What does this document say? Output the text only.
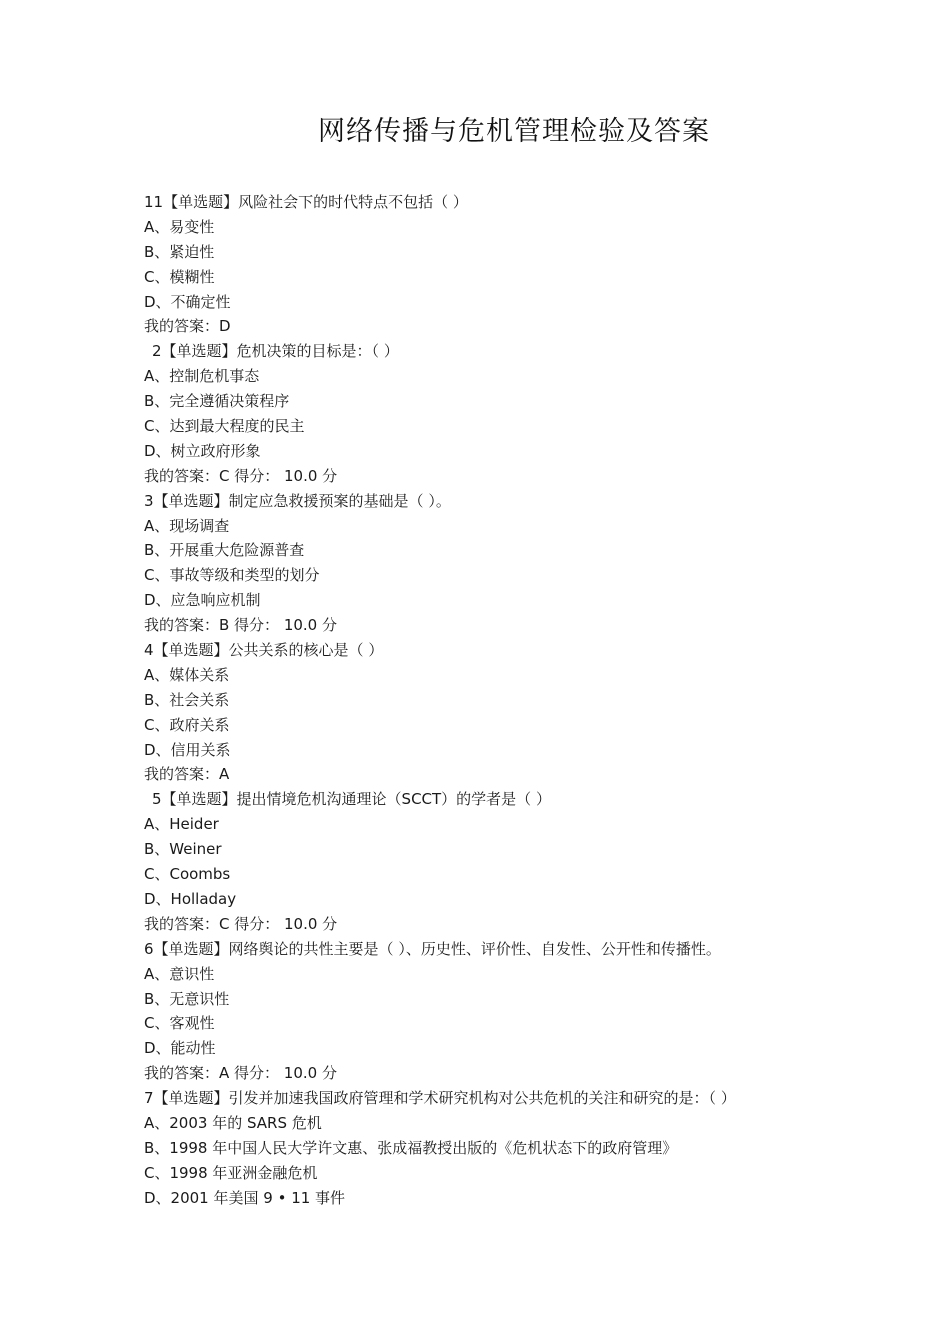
网络传播与危机管理检验及答案
11【单选题】风险社会下的时代特点不包括（ ）
A、易变性
B、紧迫性
C、模糊性
D、不确定性
我的答案：D
2【单选题】危机决策的目标是：（ ）
A、控制危机事态
B、完全遵循决策程序
C、达到最大程度的民主
D、树立政府形象
我的答案：C 得分： 10.0 分
3【单选题】制定应急救援预案的基础是（ ）。
A、现场调查
B、开展重大危险源普查
C、事故等级和类型的划分
D、应急响应机制
我的答案：B 得分： 10.0 分
4【单选题】公共关系的核心是（ ）
A、媒体关系
B、社会关系
C、政府关系
D、信用关系
我的答案：A
5【单选题】提出情境危机沟通理论（SCCT）的学者是（ ）
A、Heider
B、Weiner
C、Coombs
D、Holladay
我的答案：C 得分： 10.0 分
6【单选题】网络舆论的共性主要是（ ）、历史性、评价性、自发性、公开性和传播性。
A、意识性
B、无意识性
C、客观性
D、能动性
我的答案：A 得分： 10.0 分
7【单选题】引发并加速我国政府管理和学术研究机构对公共危机的关注和研究的是：（ ）
A、2003 年的 SARS 危机
B、1998 年中国人民大学许文惠、张成福教授出版的《危机状态下的政府管理》
C、1998 年亚洲金融危机
D、2001 年美国 9 • 11 事件
